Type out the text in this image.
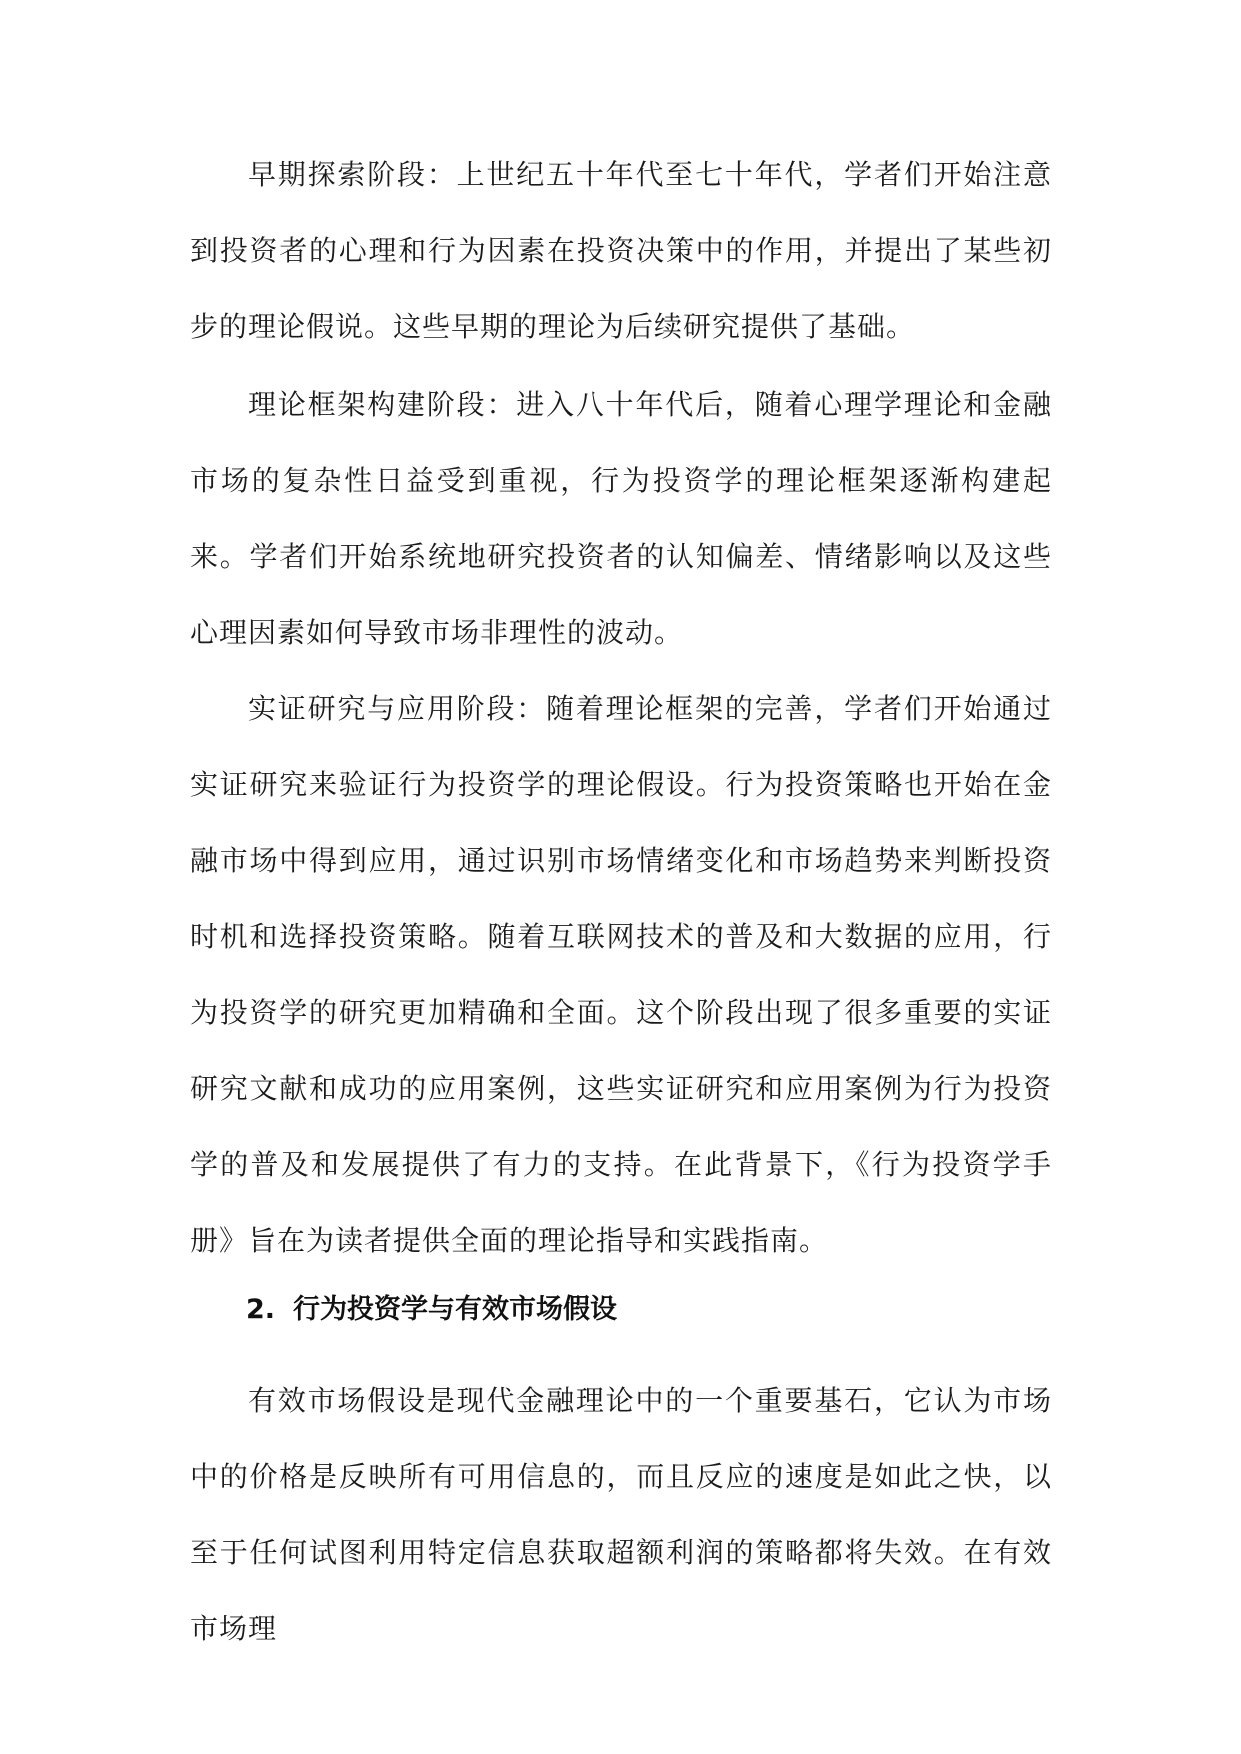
早期探索阶段：上世纪五十年代至七十年代，学者们开始注意到投资者的心理和行为因素在投资决策中的作用，并提出了某些初步的理论假说。这些早期的理论为后续研究提供了基础。

理论框架构建阶段：进入八十年代后，随着心理学理论和金融市场的复杂性日益受到重视，行为投资学的理论框架逐渐构建起来。学者们开始系统地研究投资者的认知偏差、情绪影响以及这些心理因素如何导致市场非理性的波动。

实证研究与应用阶段：随着理论框架的完善，学者们开始通过实证研究来验证行为投资学的理论假设。行为投资策略也开始在金融市场中得到应用，通过识别市场情绪变化和市场趋势来判断投资时机和选择投资策略。随着互联网技术的普及和大数据的应用，行为投资学的研究更加精确和全面。这个阶段出现了很多重要的实证研究文献和成功的应用案例，这些实证研究和应用案例为行为投资学的普及和发展提供了有力的支持。在此背景下，《行为投资学手册》旨在为读者提供全面的理论指导和实践指南。

2. 行为投资学与有效市场假设

有效市场假设是现代金融理论中的一个重要基石，它认为市场中的价格是反映所有可用信息的，而且反应的速度是如此之快，以至于任何试图利用特定信息获取超额利润的策略都将失效。在有效市场理
